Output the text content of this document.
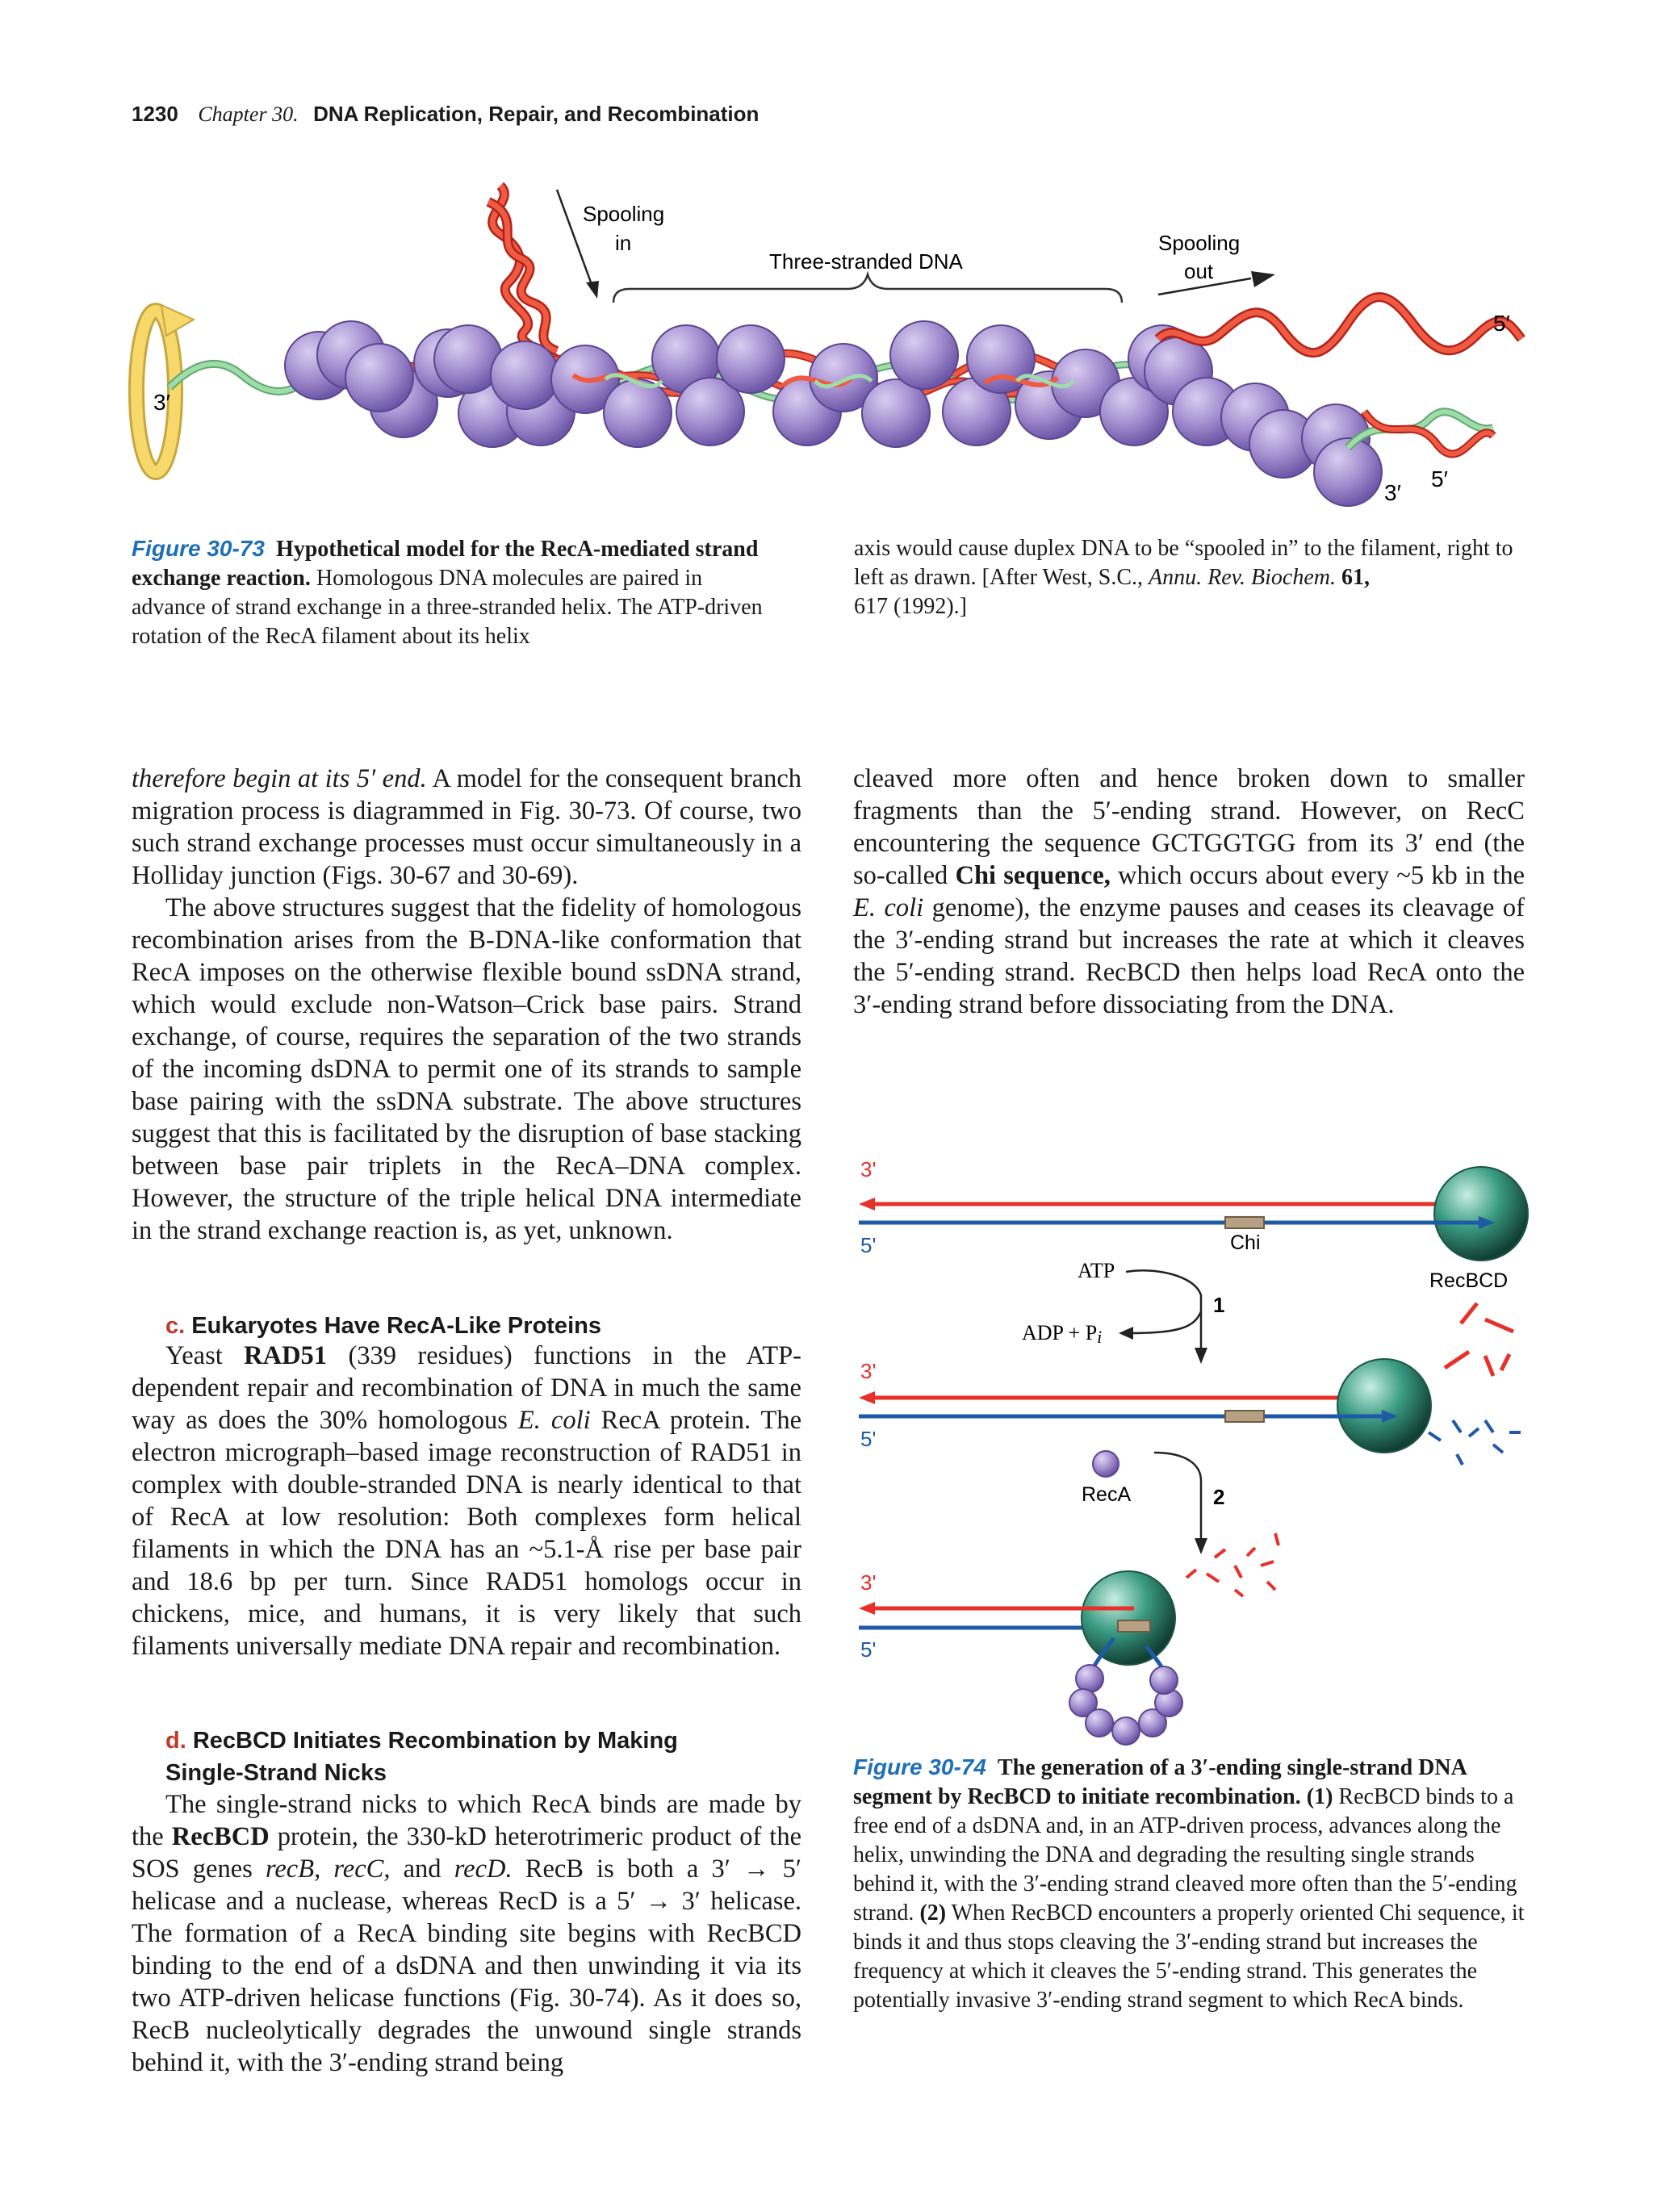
1230 Chapter 30. DNA Replication, Repair, and Recombination
Spooling
in
Three-stranded DNA
Spooling
out
5′
3′
3′
5′
Figure 30-73 Hypothetical model for the RecA-mediated strand exchange reaction. Homologous DNA molecules are paired in advance of strand exchange in a three-stranded helix. The ATP-driven rotation of the RecA filament about its helix
axis would cause duplex DNA to be “spooled in” to the filament, right to left as drawn. [After West, S.C., Annu. Rev. Biochem. 61,
617 (1992).]

therefore begin at its 5′ end. A model for the consequent branch migration process is diagrammed in Fig. 30-73. Of course, two such strand exchange processes must occur simultaneously in a Holliday junction (Figs. 30-67 and 30-69).

The above structures suggest that the fidelity of homologous recombination arises from the B-DNA-like conformation that RecA imposes on the otherwise flexible bound ssDNA strand, which would exclude non-Watson–Crick base pairs. Strand exchange, of course, requires the separation of the two strands of the incoming dsDNA to permit one of its strands to sample base pairing with the ssDNA substrate. The above structures suggest that this is facilitated by the disruption of base stacking between base pair triplets in the RecA–DNA complex. However, the structure of the triple helical DNA intermediate in the strand exchange reaction is, as yet, unknown.

c. Eukaryotes Have RecA-Like Proteins

Yeast RAD51 (339 residues) functions in the ATP-dependent repair and recombination of DNA in much the same way as does the 30% homologous E. coli RecA protein. The electron micrograph–based image reconstruction of RAD51 in complex with double-stranded DNA is nearly identical to that of RecA at low resolution: Both complexes form helical filaments in which the DNA has an ~5.1-Å rise per base pair and 18.6 bp per turn. Since RAD51 homologs occur in chickens, mice, and humans, it is very likely that such filaments universally mediate DNA repair and recombination.

d. RecBCD Initiates Recombination by Making
Single-Strand Nicks

The single-strand nicks to which RecA binds are made by the RecBCD protein, the 330-kD heterotrimeric product of the SOS genes recB, recC, and recD. RecB is both a 3′ → 5′ helicase and a nuclease, whereas RecD is a 5′ → 3′ helicase. The formation of a RecA binding site begins with RecBCD binding to the end of a dsDNA and then unwinding it via its two ATP-driven helicase functions (Fig. 30-74). As it does so, RecB nucleolytically degrades the unwound single strands behind it, with the 3′-ending strand being

cleaved more often and hence broken down to smaller fragments than the 5′-ending strand. However, on RecC encountering the sequence GCTGGTGG from its 3′ end (the so-called Chi sequence, which occurs about every ~5 kb in the E. coli genome), the enzyme pauses and ceases its cleavage of the 3′-ending strand but increases the rate at which it cleaves the 5′-ending strand. RecBCD then helps load RecA onto the 3′-ending strand before dissociating from the DNA.

3'
5'	Chi
RecBCD
ATP
ADP + Pi
1
3'
5'
RecA	2
3'
5'
Figure 30-74 The generation of a 3′-ending single-strand DNA segment by RecBCD to initiate recombination. (1) RecBCD binds to a free end of a dsDNA and, in an ATP-driven process, advances along the helix, unwinding the DNA and degrading the resulting single strands behind it, with the 3′-ending strand cleaved more often than the 5′-ending strand. (2) When RecBCD encounters a properly oriented Chi sequence, it binds it and thus stops cleaving the 3′-ending strand but increases the frequency at which it cleaves the 5′-ending strand. This generates the potentially invasive 3′-ending strand segment to which RecA binds.
